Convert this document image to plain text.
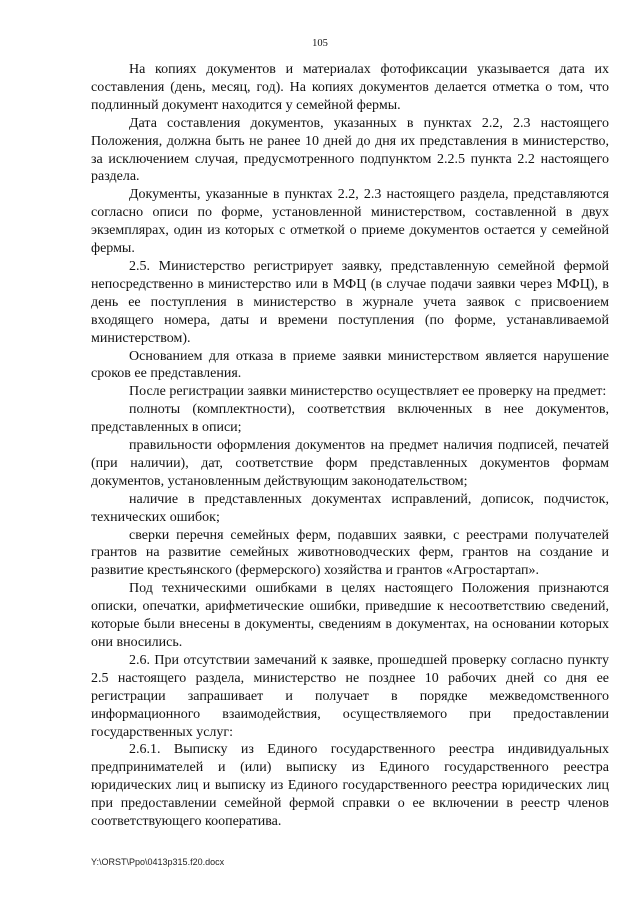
105

На копиях документов и материалах фотофиксации указывается дата их составления (день, месяц, год). На копиях документов делается отметка о том, что подлинный документ находится у семейной фермы.

Дата составления документов, указанных в пунктах 2.2, 2.3 настоящего Положения, должна быть не ранее 10 дней до дня их представления в министерство, за исключением случая, предусмотренного подпунктом 2.2.5 пункта 2.2 настоящего раздела.

Документы, указанные в пунктах 2.2, 2.3 настоящего раздела, представляются согласно описи по форме, установленной министерством, составленной в двух экземплярах, один из которых с отметкой о приеме документов остается у семейной фермы.

2.5. Министерство регистрирует заявку, представленную семейной фермой непосредственно в министерство или в МФЦ (в случае подачи заявки через МФЦ), в день ее поступления в министерство в журнале учета заявок с присвоением входящего номера, даты и времени поступления (по форме, устанавливаемой министерством).

Основанием для отказа в приеме заявки министерством является нарушение сроков ее представления.

После регистрации заявки министерство осуществляет ее проверку на предмет:

полноты (комплектности), соответствия включенных в нее документов, представленных в описи;

правильности оформления документов на предмет наличия подписей, печатей (при наличии), дат, соответствие форм представленных документов формам документов, установленным действующим законодательством;

наличие в представленных документах исправлений, дописок, подчисток, технических ошибок;

сверки перечня семейных ферм, подавших заявки, с реестрами получателей грантов на развитие семейных животноводческих ферм, грантов на создание и развитие крестьянского (фермерского) хозяйства и грантов «Агростартап».

Под техническими ошибками в целях настоящего Положения признаются описки, опечатки, арифметические ошибки, приведшие к несоответствию сведений, которые были внесены в документы, сведениям в документах, на основании которых они вносились.

2.6. При отсутствии замечаний к заявке, прошедшей проверку согласно пункту 2.5 настоящего раздела, министерство не позднее 10 рабочих дней со дня ее регистрации запрашивает и получает в порядке межведомственного информационного взаимодействия, осуществляемого при предоставлении государственных услуг:

2.6.1. Выписку из Единого государственного реестра индивидуальных предпринимателей и (или) выписку из Единого государственного реестра юридических лиц и выписку из Единого государственного реестра юридических лиц при предоставлении семейной фермой справки о ее включении в реестр членов соответствующего кооператива.

Y:\ORST\Ppo\0413p315.f20.docx
